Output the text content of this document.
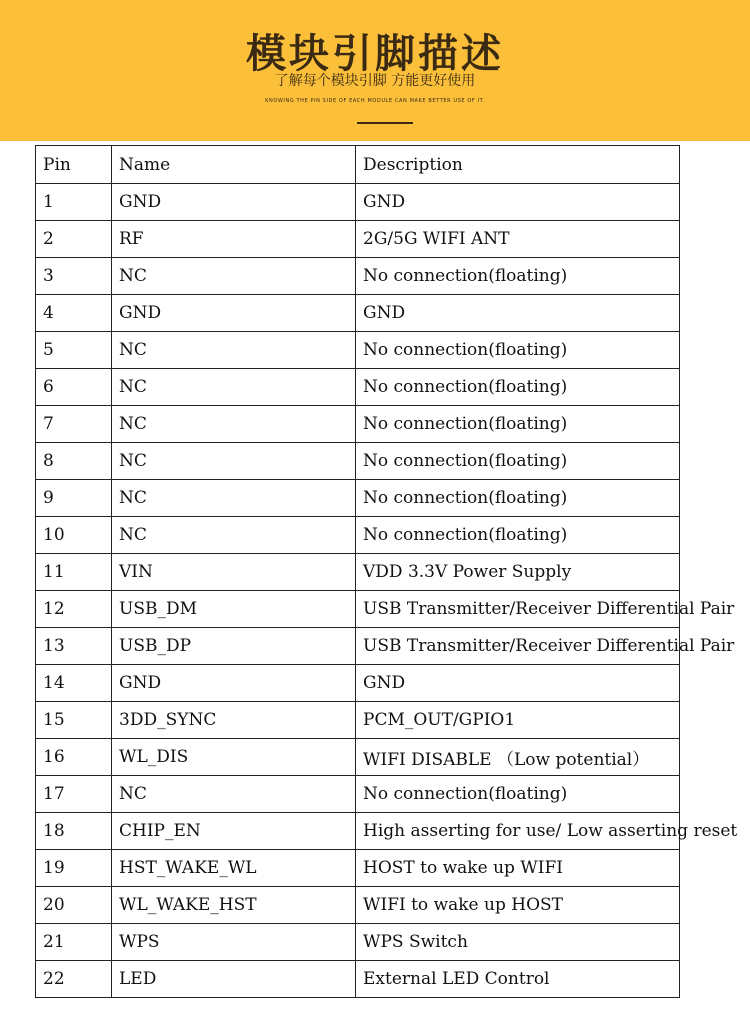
模块引脚描述
了解每个模块引脚 方能更好使用
KNOWING THE PIN SIDE OF EACH MODULE CAN MAKE BETTER USE OF IT.
Pin	Name	Description
1	GND	GND
2	RF	2G/5G WIFI ANT
3	NC	No connection(floating)
4	GND	GND
5	NC	No connection(floating)
6	NC	No connection(floating)
7	NC	No connection(floating)
8	NC	No connection(floating)
9	NC	No connection(floating)
10	NC	No connection(floating)
11	VIN	VDD 3.3V Power Supply
12	USB_DM	USB Transmitter/Receiver Differential Pair
13	USB_DP	USB Transmitter/Receiver Differential Pair
14	GND	GND
15	3DD_SYNC	PCM_OUT/GPIO1
16	WL_DIS	WIFI DISABLE （Low potential）
17	NC	No connection(floating)
18	CHIP_EN	High asserting for use/ Low asserting reset
19	HST_WAKE_WL	HOST to wake up WIFI
20	WL_WAKE_HST	WIFI to wake up HOST
21	WPS	WPS Switch
22	LED	External LED Control
